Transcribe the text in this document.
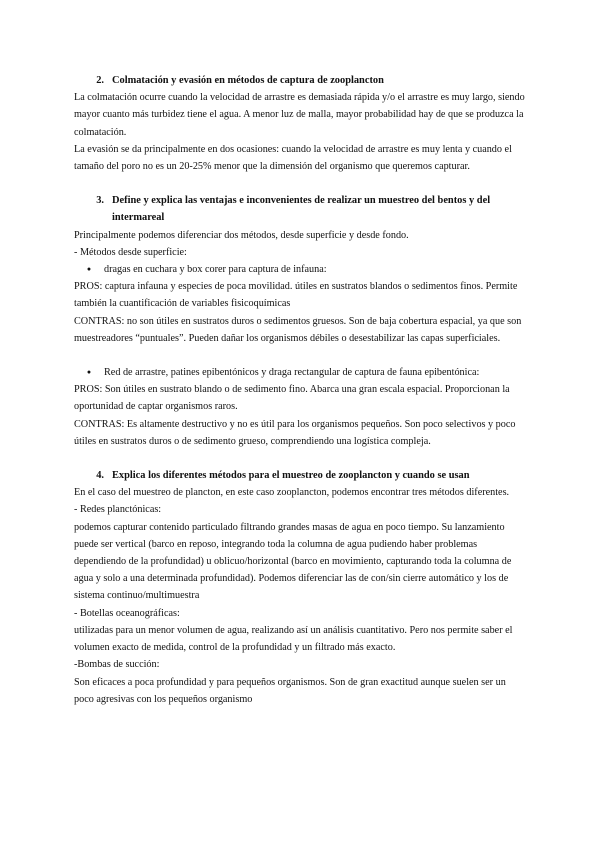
2. Colmatación y evasión en métodos de captura de zooplancton

La colmatación ocurre cuando la velocidad de arrastre es demasiada rápida y/o el arrastre es muy largo, siendo mayor cuanto más turbidez tiene el agua. A menor luz de malla, mayor probabilidad hay de que se produzca la colmatación.

La evasión se da principalmente en dos ocasiones: cuando la velocidad de arrastre es muy lenta y cuando el tamaño del poro no es un 20-25% menor que la dimensión del organismo que queremos capturar.

3. Define y explica las ventajas e inconvenientes de realizar un muestreo del bentos y del intermareal

Principalmente podemos diferenciar dos métodos, desde superficie y desde fondo.

- Métodos desde superficie:

●	dragas en cuchara y box corer para captura de infauna:

PROS: captura infauna y especies de poca movilidad. útiles en sustratos blandos o sedimentos finos. Permite también la cuantificación de variables fisicoquímicas

CONTRAS: no son útiles en sustratos duros o sedimentos gruesos. Son de baja cobertura espacial, ya que son muestreadores “puntuales”. Pueden dañar los organismos débiles o desestabilizar las capas superficiales.

●	Red de arrastre, patines epibentónicos y draga rectangular de captura de fauna epibentónica:

PROS: Son útiles en sustrato blando o de sedimento fino. Abarca una gran escala espacial. Proporcionan la oportunidad de captar organismos raros.

CONTRAS: Es altamente destructivo y no es útil para los organismos pequeños. Son poco selectivos y poco útiles en sustratos duros o de sedimento grueso, comprendiendo una logística compleja.

4. Explica los diferentes métodos para el muestreo de zooplancton y cuando se usan

En el caso del muestreo de plancton, en este caso zooplancton, podemos encontrar tres métodos diferentes.

- Redes planctónicas:

podemos capturar contenido particulado filtrando grandes masas de agua en poco tiempo. Su lanzamiento puede ser vertical (barco en reposo, integrando toda la columna de agua pudiendo haber problemas dependiendo de la profundidad) u oblicuo/horizontal (barco en movimiento, capturando toda la columna de agua y solo a una determinada profundidad). Podemos diferenciar las de con/sin cierre automático y los de sistema continuo/multimuestra

- Botellas oceanográficas:

utilizadas para un menor volumen de agua, realizando así un análisis cuantitativo. Pero nos permite saber el volumen exacto de medida, control de la profundidad y un filtrado más exacto.

-Bombas de succión:

Son eficaces a poca profundidad y para pequeños organismos. Son de gran exactitud aunque suelen ser un poco agresivas con los pequeños organismo
